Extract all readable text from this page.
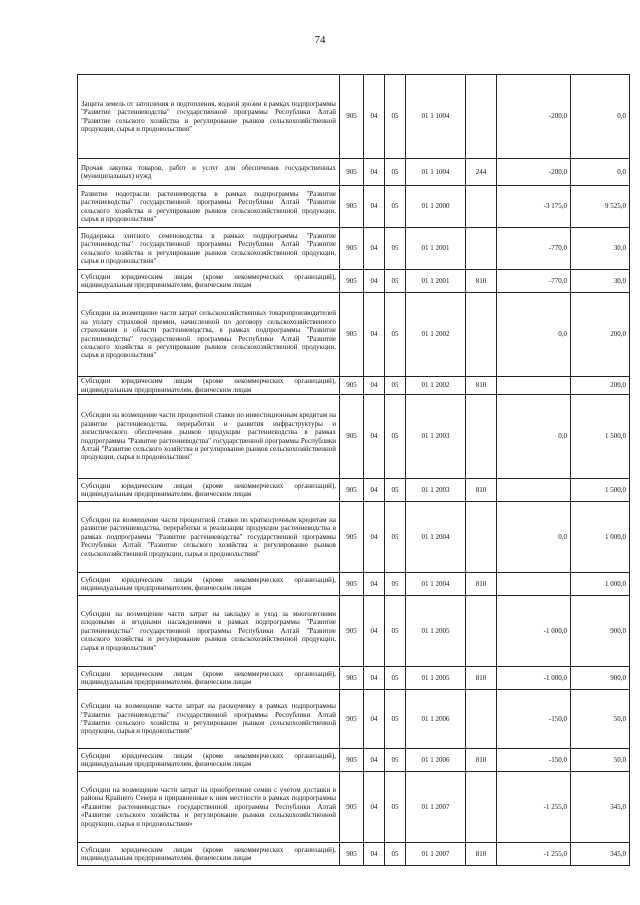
74
Защита земель от затопления и подтопления, водной эрозии в рамках подпрограммы "Развитие растениеводства" государственной программы Республики Алтай "Развитие сельского хозяйства и регулирование рынков сельскохозяйственной продукции, сырья и продовольствия"	905	04	05	01 1 1004		-200,0	0,0
Прочая закупка товаров, работ и услуг для обеспечения государственных (муниципальных) нужд	905	04	05	01 1 1004	244	-200,0	0,0
Развитие подотрасли растениеводства в рамках подпрограммы "Развитие растениеводства" государственной программы Республики Алтай "Развитие сельского хозяйства и регулирование рынков сельскохозяйственной продукции, сырья и продовольствия"	905	04	05	01 1 2000		-3 175,0	9 525,0
Поддержка элитного семеноводства в рамках подпрограммы "Развитие растениеводства" государственной программы Республики Алтай "Развитие сельского хозяйства и регулирование рынков сельскохозяйственной продукции, сырья и продовольствия"	905	04	05	01 1 2001		-770,0	30,0
Субсидии юридическим лицам (кроме некоммерческих организаций), индивидуальным предпринимателям, физическим лицам	905	04	05	01 1 2001	810	-770,0	30,0
Субсидии на возмещение части затрат сельскохозяйственных товаропроизводителей на уплату страховой премии, начисленной по договору сельскохозяйственного страхования в области растениеводства, в рамках подпрограммы "Развитие растениеводства" государственной программы Республики Алтай "Развитие сельского хозяйства и регулирование рынков сельскохозяйственной продукции, сырья и продовольствия"	905	04	05	01 1 2002		0,0	200,0
Субсидии юридическим лицам (кроме некоммерческих организаций), индивидуальным предпринимателям, физическим лицам	905	04	05	01 1 2002	810		200,0
Субсидии на возмещение части процентной ставки по инвестиционным кредитам на развитие растениеводства, переработки и развития инфраструктуры и логистического обеспечения рынков продукции растениеводства в рамках подпрограммы "Развитие растениеводства" государственной программы Республики Алтай "Развитие сельского хозяйства и регулирование рынков сельскохозяйственной продукции, сырья и продовольствия"	905	04	05	01 1 2003		0,0	1 500,0
Субсидии юридическим лицам (кроме некоммерческих организаций), индивидуальным предпринимателям, физическим лицам	905	04	05	01 1 2003	810		1 500,0
Субсидии на возмещение части процентной ставки по краткосрочным кредитам на развитие растениеводства, переработки и реализации продукции растениеводства в рамках подпрограммы "Развитие растениеводства" государственной программы Республики Алтай "Развитие сельского хозяйства и регулирование рынков сельскохозяйственной продукции, сырья и продовольствия"	905	04	05	01 1 2004		0,0	1 000,0
Субсидии юридическим лицам (кроме некоммерческих организаций), индивидуальным предпринимателям, физическим лицам	905	04	05	01 1 2004	810		1 000,0
Субсидии на возмещение части затрат на закладку и уход за многолетними плодовыми и ягодными насаждениями в рамках подпрограммы "Развитие растениеводства" государственной программы Республики Алтай "Развитие сельского хозяйства и регулирование рынков сельскохозяйственной продукции, сырья и продовольствия"	905	04	05	01 1 2005		-1 000,0	900,0
Субсидии юридическим лицам (кроме некоммерческих организаций), индивидуальным предпринимателям, физическим лицам	905	04	05	01 1 2005	810	-1 000,0	900,0
Субсидии на возмещение части затрат на раскорчевку в рамках подпрограммы "Развитие растениеводства" государственной программы Республики Алтай "Развитие сельского хозяйства и регулирование рынков сельскохозяйственной продукции, сырья и продовольствия"	905	04	05	01 1 2006		-150,0	50,0
Субсидии юридическим лицам (кроме некоммерческих организаций), индивидуальным предпринимателям, физическим лицам	905	04	05	01 1 2006	810	-150,0	50,0
Субсидии на возмещение части затрат на приобретение семян с учетом доставки в районы Крайнего Севера и приравненные к ним местности в рамках подпрограммы «Развитие растениеводства» государственной программы Республики Алтай «Развитие сельского хозяйства и регулирование рынков сельскохозяйственной продукции, сырья и продовольствия»	905	04	05	01 1 2007		-1 255,0	345,0
Субсидии юридическим лицам (кроме некоммерческих организаций), индивидуальным предпринимателям, физическим лицам	905	04	05	01 1 2007	810	-1 255,0	345,0
